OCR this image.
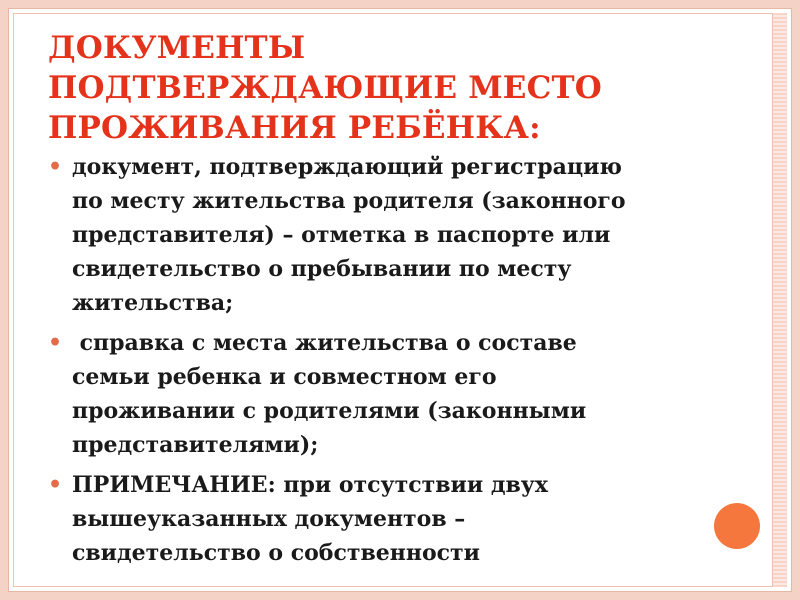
ДОКУМЕНТЫ
ПОДТВЕРЖДАЮЩИЕ МЕСТО
ПРОЖИВАНИЯ РЕБЁНКА:
• документ, подтверждающий регистрацию
по месту жительства родителя (законного
представителя) – отметка в паспорте или
свидетельство о пребывании по месту
жительства;
• справка с места жительства о составе
семьи ребенка и совместном его
проживании с родителями (законными
представителями);
• ПРИМЕЧАНИЕ: при отсутствии двух
вышеуказанных документов –
свидетельство о собственности
